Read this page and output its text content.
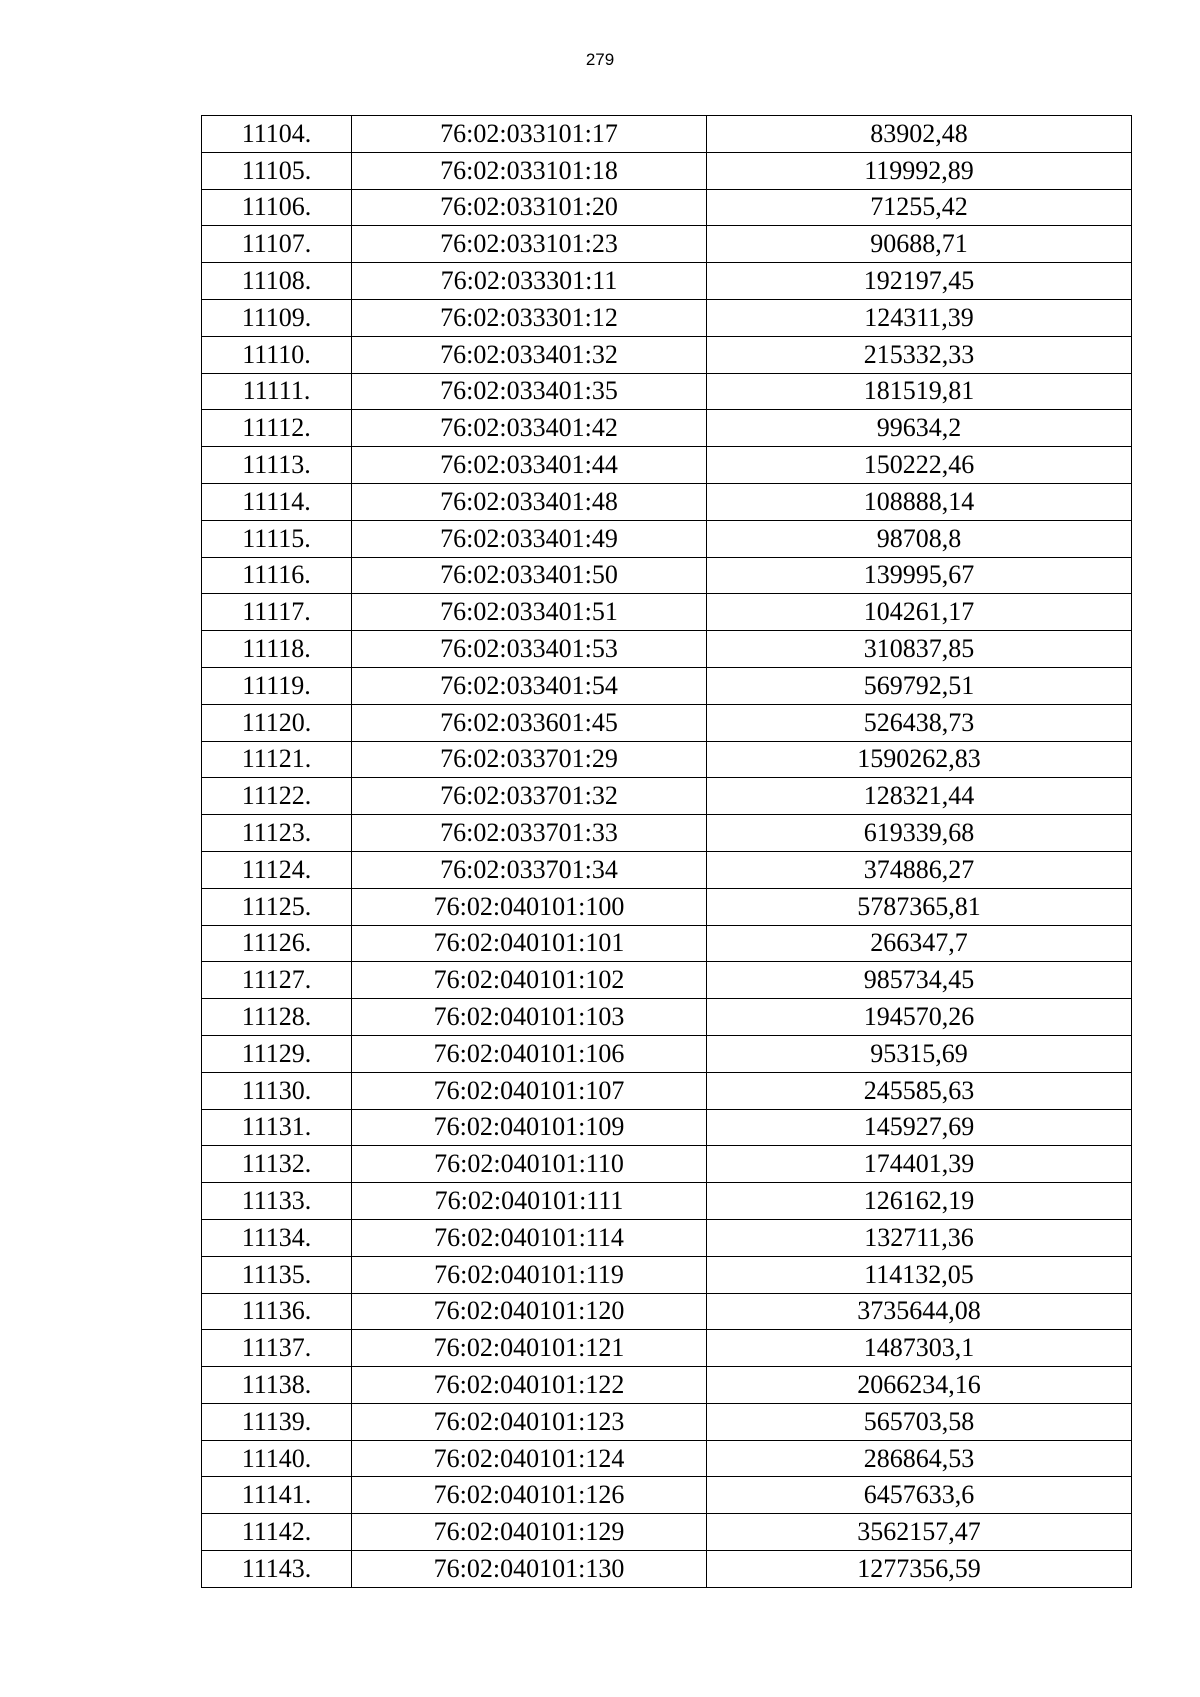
279
11104.	76:02:033101:17	83902,48
11105.	76:02:033101:18	119992,89
11106.	76:02:033101:20	71255,42
11107.	76:02:033101:23	90688,71
11108.	76:02:033301:11	192197,45
11109.	76:02:033301:12	124311,39
11110.	76:02:033401:32	215332,33
11111.	76:02:033401:35	181519,81
11112.	76:02:033401:42	99634,2
11113.	76:02:033401:44	150222,46
11114.	76:02:033401:48	108888,14
11115.	76:02:033401:49	98708,8
11116.	76:02:033401:50	139995,67
11117.	76:02:033401:51	104261,17
11118.	76:02:033401:53	310837,85
11119.	76:02:033401:54	569792,51
11120.	76:02:033601:45	526438,73
11121.	76:02:033701:29	1590262,83
11122.	76:02:033701:32	128321,44
11123.	76:02:033701:33	619339,68
11124.	76:02:033701:34	374886,27
11125.	76:02:040101:100	5787365,81
11126.	76:02:040101:101	266347,7
11127.	76:02:040101:102	985734,45
11128.	76:02:040101:103	194570,26
11129.	76:02:040101:106	95315,69
11130.	76:02:040101:107	245585,63
11131.	76:02:040101:109	145927,69
11132.	76:02:040101:110	174401,39
11133.	76:02:040101:111	126162,19
11134.	76:02:040101:114	132711,36
11135.	76:02:040101:119	114132,05
11136.	76:02:040101:120	3735644,08
11137.	76:02:040101:121	1487303,1
11138.	76:02:040101:122	2066234,16
11139.	76:02:040101:123	565703,58
11140.	76:02:040101:124	286864,53
11141.	76:02:040101:126	6457633,6
11142.	76:02:040101:129	3562157,47
11143.	76:02:040101:130	1277356,59
